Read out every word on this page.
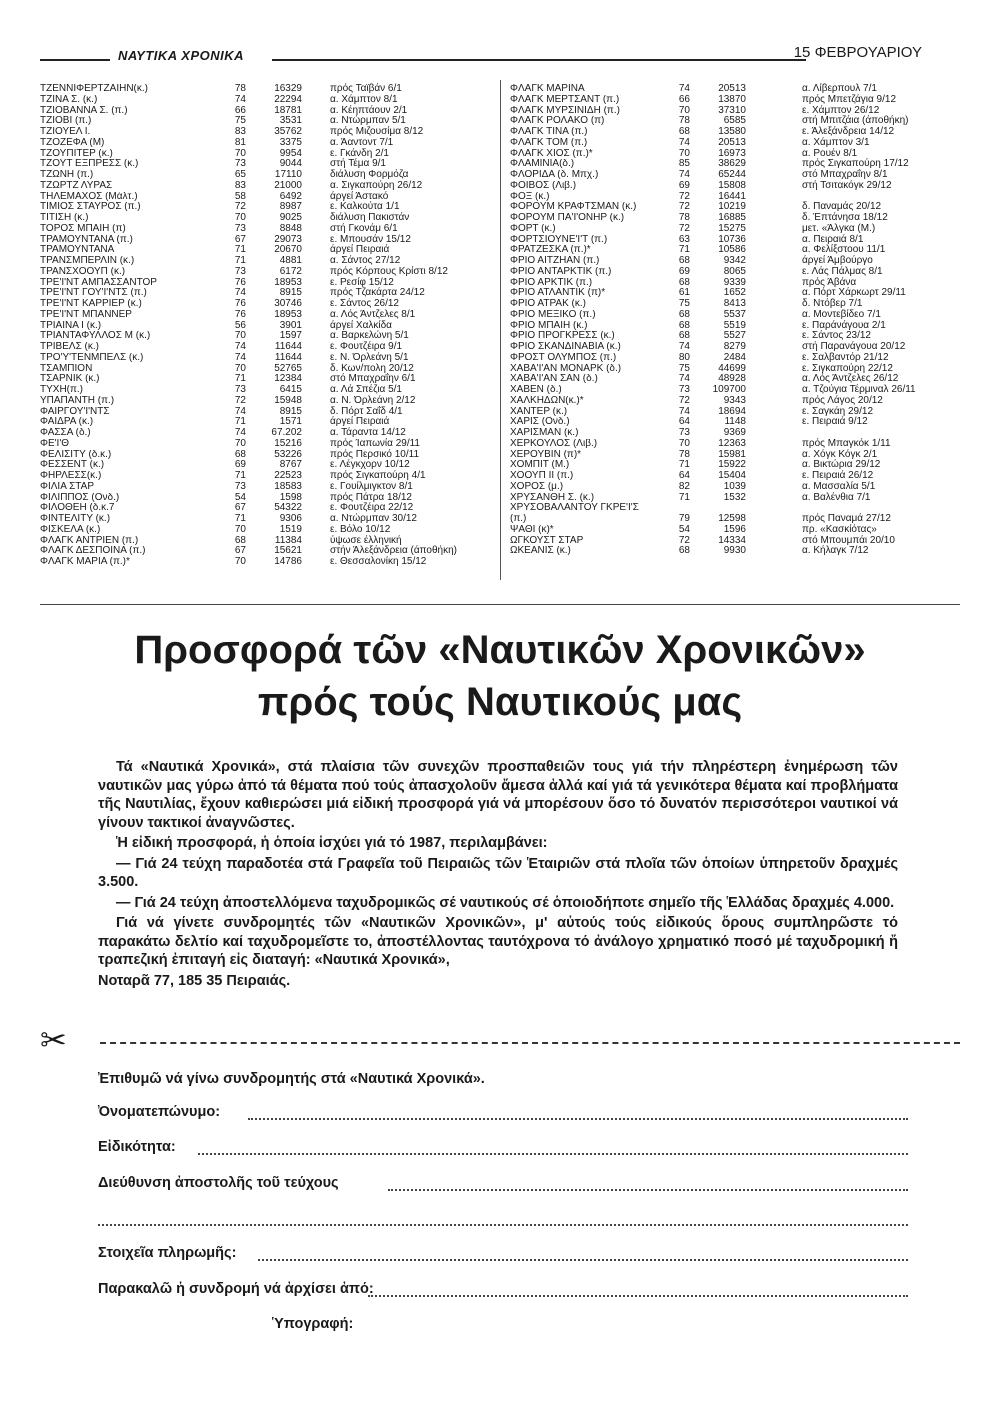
ΝΑΥΤΙΚΑ ΧΡΟΝΙΚΑ	15 ΦΕΒΡΟΥΑΡΙΟΥ
ΤΖΕΝΝΙΦΕΡΤΖΑΙΗΝ(κ.)	78	16329	πρός Ταϊβάν 6/1
ΤΖΙΝΑ Σ. (κ.)	74	22294	α. Χάμπτον 8/1
ΤΖΙΟΒΑΝΝΑ Σ. (π.)	66	18781	α. Κέηπτάουν 2/1
ΤΖΙΟΒΙ (π.)	75	3531	α. Ντώρμπαν 5/1
ΤΖΙΟΥΕΛ Ι.	83	35762	πρός Μιζουσίμα 8/12
ΤΖΟΖΕΦΑ (Μ)	81	3375	α. Άαντοντ 7/1
ΤΖΟΥΠΙΤΕΡ (κ.)	70	9954	ε. Γκάνδη 2/1
ΤΖΟΥΤ ΕΞΠΡΕΣΣ (κ.)	73	9044	στή Τέμα 9/1
ΤΖΩΝΗ (π.)	65	17110	διάλυση Φορμόζα
ΤΖΩΡΤΖ ΛΥΡΑΣ	83	21000	α. Σιγκαπούρη 26/12
ΤΗΛΕΜΑΧΟΣ (Μάλτ.)	58	6492	άργεί Άστακό
ΤΙΜΙΟΣ ΣΤΑΥΡΟΣ (π.)	72	8987	ε. Καλκούτα 1/1
ΤΙΤΙΣΗ (κ.)	70	9025	διάλυση Πακιστάν
ΤΟΡΟΣ ΜΠΑΙΗ (π)	73	8848	στή Γκονάμ 6/1
ΤΡΑΜΟΥΝΤΑΝΑ (π.)	67	29073	ε. Μπουσάν 15/12
ΤΡΑΜΟΥΝΤΑΝΑ	71	20670	άργεί Πειραιά
ΤΡΑΝΣΜΠΕΡΛΙΝ (κ.)	71	4881	α. Σάντος 27/12
ΤΡΑΝΣΧΟΟΥΠ (κ.)	73	6172	πρός Κόρπους Κρίστι 8/12
ΤΡΕ'Ι'ΝΤ ΑΜΠΑΣΣΑΝΤΟΡ	76	18953	ε. Ρεσίφ 15/12
ΤΡΕ'Ι'ΝΤ ΓΟΥ'Ι'ΝΤΣ (π.)	74	8915	πρός Τζακάρτα 24/12
ΤΡΕ'Ι'ΝΤ ΚΑΡΡΙΕΡ (κ.)	76	30746	ε. Σάντος 26/12
ΤΡΕ'Ι'ΝΤ ΜΠΑΝΝΕΡ	76	18953	α. Λός Άντζελες 8/1
ΤΡΙΑΙΝΑ Ι (κ.)	56	3901	άργεί Χαλκίδα
ΤΡΙΑΝΤΑΦΥΛΛΟΣ Μ (κ.)	70	1597	α. Βαρκελώνη 5/1
ΤΡΙΒΕΛΣ (κ.)	74	11644	ε. Φουτζέιρα 9/1
ΤΡΟ'Υ'ΤΕΝΜΠΕΛΣ (κ.)	74	11644	ε. Ν. Όρλεάνη 5/1
ΤΣΑΜΠΙΟΝ	70	52765	δ. Κων/πολη 20/12
ΤΣΑΡΝΙΚ (κ.)	71	12384	στό Μπαχραΐην 6/1
ΤΥΧΗ(π.)	73	6415	α. Λά Σπέζια 5/1
ΥΠΑΠΑΝΤΗ (π.)	72	15948	α. Ν. Όρλεάνη 2/12
ΦΑΙΡΓΟΥ'Ι'ΝΤΣ	74	8915	δ. Πόρτ Σαΐδ 4/1
ΦΑΙΔΡΑ (κ.)	71	1571	άργεί Πειραιά
ΦΑΣΣΑ (δ.)	74	67.202	α. Τάραντα 14/12
ΦΕ'Ι'Θ	70	15216	πρός Ίαπωνία 29/11
ΦΕΛΙΣΙΤΥ (δ.κ.)	68	53226	πρός Περσικό 10/11
ΦΕΣΣΕΝΤ (κ.)	69	8767	ε. Λέγκχορν 10/12
ΦΗΡΛΕΣΣ(κ.)	71	22523	πρός Σιγκαπούρη 4/1
ΦΙΛΙΑ ΣΤΑΡ	73	18583	ε. Γουίλμιγκτον 8/1
ΦΙΛΙΠΠΟΣ (Ονδ.)	54	1598	πρός Πάτρα 18/12
ΦΙΛΟΘΕΗ (δ.κ.7	67	54322	ε. Φουτζέιρα 22/12
ΦΙΝΤΕΛΙΤΥ (κ.)	71	9306	α. Ντώρμπαν 30/12
ΦΙΣΚΕΛΑ (κ.)	70	1519	ε. Βόλο 10/12
ΦΛΑΓΚ ΑΝΤΡΙΕΝ (π.)	68	11384	ύψωσε έλληνική
ΦΛΑΓΚ ΔΕΣΠΟΙΝΑ (π.)	67	15621	στήν Άλεξάνδρεια (άποθήκη)
ΦΛΑΓΚ ΜΑΡΙΑ (π.)*	70	14786	ε. Θεσσαλονίκη 15/12
ΦΛΑΓΚ ΜΑΡΙΝΑ	74	20513	α. Λίβερπουλ 7/1
ΦΛΑΓΚ ΜΕΡΤΣΑΝΤ (π.)	66	13870	πρός Μπετζάγια 9/12
ΦΛΑΓΚ ΜΥΡΣΙΝΙΔΗ (π.)	70	37310	ε. Χάμπτον 26/12
ΦΛΑΓΚ ΡΟΛΑΚΟ (π)	78	6585	στή Μπιτζάια (άποθήκη)
ΦΛΑΓΚ ΤΙΝΑ (π.)	68	13580	ε. Άλεξάνδρεια 14/12
ΦΛΑΓΚ ΤΟΜ (π.)	74	20513	α. Χάμπτον 3/1
ΦΛΑΓΚ ΧΙΟΣ (π.)*	70	16973	α. Ρουέν 8/1
ΦΛΑΜΙΝΙΑ(δ.)	85	38629	πρός Σιγκαπούρη 17/12
ΦΛΟΡΙΔΑ (δ. Μπχ.)	74	65244	στό Μπαχραΐην 8/1
ΦΟΙΒΟΣ (Λιβ.)	69	15808	στή Τσιτακόγκ 29/12
ΦΟΞ (κ.)	72	16441
ΦΟΡΟΥΜ ΚΡΑΦΤΣΜΑΝ (κ.)	72	10219	δ. Παναμάς 20/12
ΦΟΡΟΥΜ ΠΑ'Ι'ΟΝΗΡ (κ.)	78	16885	δ. Έπτάνησα 18/12
ΦΟΡΤ (κ.)	72	15275	μετ. «Άλγκα (Μ.)
ΦΟΡΤΣΙΟΥΝΕ'Ι'Τ (π.)	63	10736	α. Πειραιά 8/1
ΦΡΑΤΖΕΣΚΑ (π.)*	71	10586	α. Φελίξστοου 11/1
ΦΡΙΟ ΑΙΤΖΗΑΝ (π.)	68	9342	άργεί Άμβούργο
ΦΡΙΟ ΑΝΤΑΡΚΤΙΚ (π.)	69	8065	ε. Λάς Πάλμας 8/1
ΦΡΙΟ ΑΡΚΤΙΚ (π.)	68	9339	πρός Άβάνα
ΦΡΙΟ ΑΤΛΑΝΤΙΚ (π)*	61	1652	α. Πόρτ Χάρκωρτ 29/11
ΦΡΙΟ ΑΤΡΑΚ (κ.)	75	8413	δ. Ντόβερ 7/1
ΦΡΙΟ ΜΕΞΙΚΟ (π.)	68	5537	α. Μοντεβίδεο 7/1
ΦΡΙΟ ΜΠΑΙΗ (κ.)	68	5519	ε. Παράνάγουα 2/1
ΦΡΙΟ ΠΡΟΓΚΡΕΣΣ (κ.)	68	5527	ε. Σάντος 23/12
ΦΡΙΟ ΣΚΑΝΔΙΝΑΒΙΑ (κ.)	74	8279	στή Παρανάγουα 20/12
ΦΡΟΣΤ ΟΛΥΜΠΟΣ (π.)	80	2484	ε. Σαλβαντόρ 21/12
ΧΑΒΑ'Ι'ΑΝ ΜΟΝΑΡΚ (δ.)	75	44699	ε. Σιγκαπούρη 22/12
ΧΑΒΑ'Ι'ΑΝ ΣΑΝ (δ.)	74	48928	α. Λός Άντζελες 26/12
ΧΑΒΕΝ (δ.)	73	109700	α. Τζούγια Τέρμιναλ 26/11
ΧΑΛΚΗΔΩΝ(κ.)*	72	9343	πρός Λάγος 20/12
ΧΑΝΤΕΡ (κ.)	74	18694	ε. Σαγκάη 29/12
ΧΑΡΙΣ (Ονδ.)	64	1148	ε. Πειραιά 9/12
ΧΑΡΙΣΜΑΝ (κ.)	73	9369
ΧΕΡΚΟΥΛΟΣ (Λιβ.)	70	12363	πρός Μπαγκόκ 1/11
ΧΕΡΟΥΒΙΝ (π)*	78	15981	α. Χόγκ Κόγκ 2/1
ΧΟΜΠΙΤ (Μ.)	71	15922	α. Βικτώρια 29/12
ΧΟΟΥΠ ΙΙ (π.)	64	15404	ε. Πειραιά 26/12
ΧΟΡΟΣ (μ.)	82	1039	α. Μασσαλία 5/1
ΧΡΥΣΑΝΘΗ Σ. (κ.)	71	1532	α. Βαλένθια 7/1
ΧΡΥΣΟΒΑΛΑΝΤΟΥ ΓΚΡΕ'Ι'Σ
(π.)	79	12598	πρός Παναμά 27/12
ΨΑΘΙ (κ)*	54	1596	πρ. «Κασκίότας»
ΩΓΚΟΥΣΤ ΣΤΑΡ	72	14334	στό Μπουμπάι 20/10
ΩΚΕΑΝΙΣ (κ.)	68	9930	α. Κήλαγκ 7/12
Προσφορά τῶν «Ναυτικῶν Χρονικῶν»
πρός τούς Ναυτικούς μας

Τά «Ναυτικά Χρονικά», στά πλαίσια τῶν συνεχῶν προσπαθειῶν τους γιά τήν πληρέστερη ἐνημέρωση τῶν ναυτικῶν μας γύρω ἀπό τά θέματα πού τούς ἀπασχολοῦν ἄμεσα ἀλλά καί γιά τά γενικότερα θέματα καί προβλήματα τῆς Ναυτιλίας, ἔχουν καθιερώσει μιά εἰδική προσφορά γιά νά μπορέσουν ὅσο τό δυνατόν περισσότεροι ναυτικοί νά γίνουν τακτικοί ἀναγνῶστες.

Ἡ εἰδική προσφορά, ἡ ὁποία ἰσχύει γιά τό 1987, περιλαμβάνει:

— Γιά 24 τεύχη παραδοτέα στά Γραφεῖα τοῦ Πειραιῶς τῶν Ἑταιριῶν στά πλοῖα τῶν ὁποίων ὑπηρετοῦν δραχμές 3.500.

— Γιά 24 τεύχη ἀποστελλόμενα ταχυδρομικῶς σέ ναυτικούς σέ ὁποιοδήποτε σημεῖο τῆς Ἑλλάδας δραχμές 4.000.

Γιά νά γίνετε συνδρομητές τῶν «Ναυτικῶν Χρονικῶν», μ' αὐτούς τούς εἰδικούς ὅρους συμπληρῶστε τό παρακάτω δελτίο καί ταχυδρομεῖστε το, ἀποστέλλοντας ταυτόχρονα τό ἀνάλογο χρηματικό ποσό μέ ταχυδρομική ἤ τραπεζική ἐπιταγή εἰς διαταγή: «Ναυτικά Χρονικά»,

Νοταρᾶ 77, 185 35 Πειραιάς.

✂
Ἐπιθυμῶ νά γίνω συνδρομητής στά «Ναυτικά Χρονικά».
Ὀνοματεπώνυμο:
Εἰδικότητα:
Διεύθυνση ἀποστολῆς τοῦ τεύχους
Στοιχεῖα πληρωμῆς:
Παρακαλῶ ἡ συνδρομή νά ἀρχίσει ἀπό:
Ὑπογραφή:
